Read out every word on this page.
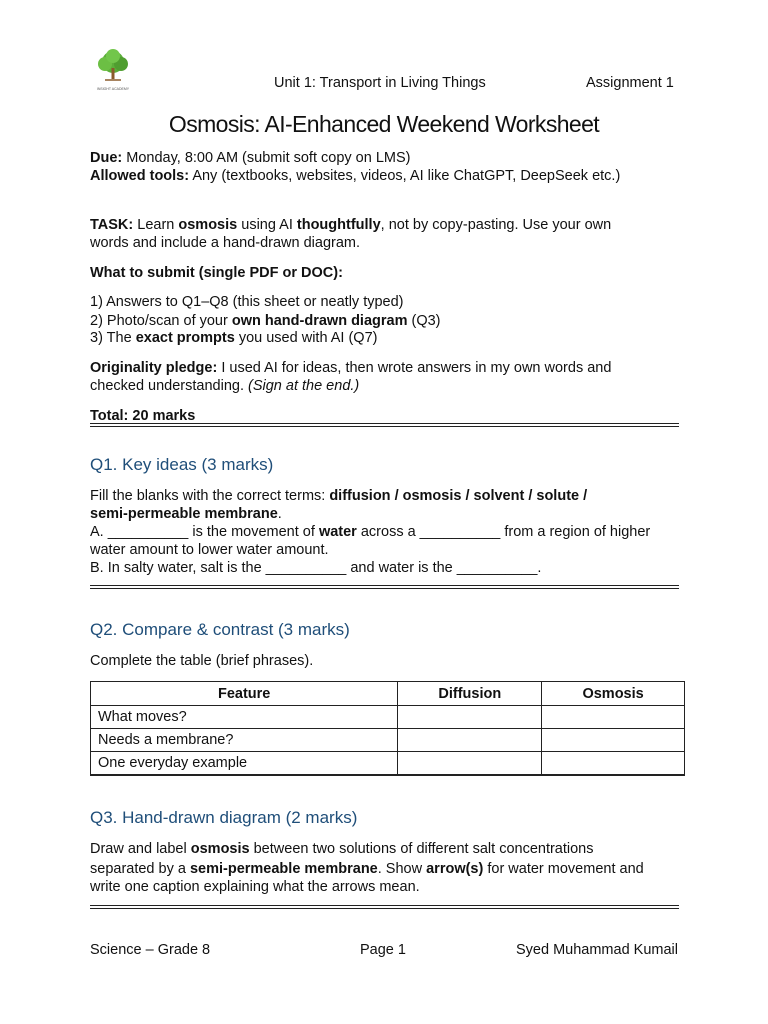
INSIGHT ACADEMY	Unit 1: Transport in Living Things	Assignment 1
Osmosis: AI-Enhanced Weekend Worksheet
Due: Monday, 8:00 AM (submit soft copy on LMS)
Allowed tools: Any (textbooks, websites, videos, AI like ChatGPT, DeepSeek etc.)
TASK: Learn osmosis using AI thoughtfully, not by copy-pasting. Use your own
words and include a hand-drawn diagram.
What to submit (single PDF or DOC):
1) Answers to Q1–Q8 (this sheet or neatly typed)
2) Photo/scan of your own hand-drawn diagram (Q3)
3) The exact prompts you used with AI (Q7)
Originality pledge: I used AI for ideas, then wrote answers in my own words and
checked understanding. (Sign at the end.)
Total: 20 marks
Q1. Key ideas (3 marks)
Fill the blanks with the correct terms: diffusion / osmosis / solvent / solute /
semi-permeable membrane.
A. __________ is the movement of water across a __________ from a region of higher
water amount to lower water amount.
B. In salty water, salt is the __________ and water is the __________.
Q2. Compare & contrast (3 marks)
Complete the table (brief phrases).
Feature	Diffusion	Osmosis
What moves?		
Needs a membrane?		
One everyday example		
Q3. Hand-drawn diagram (2 marks)
Draw and label osmosis between two solutions of different salt concentrations
separated by a semi-permeable membrane. Show arrow(s) for water movement and
write one caption explaining what the arrows mean.
Science – Grade 8	Page 1	Syed Muhammad Kumail
